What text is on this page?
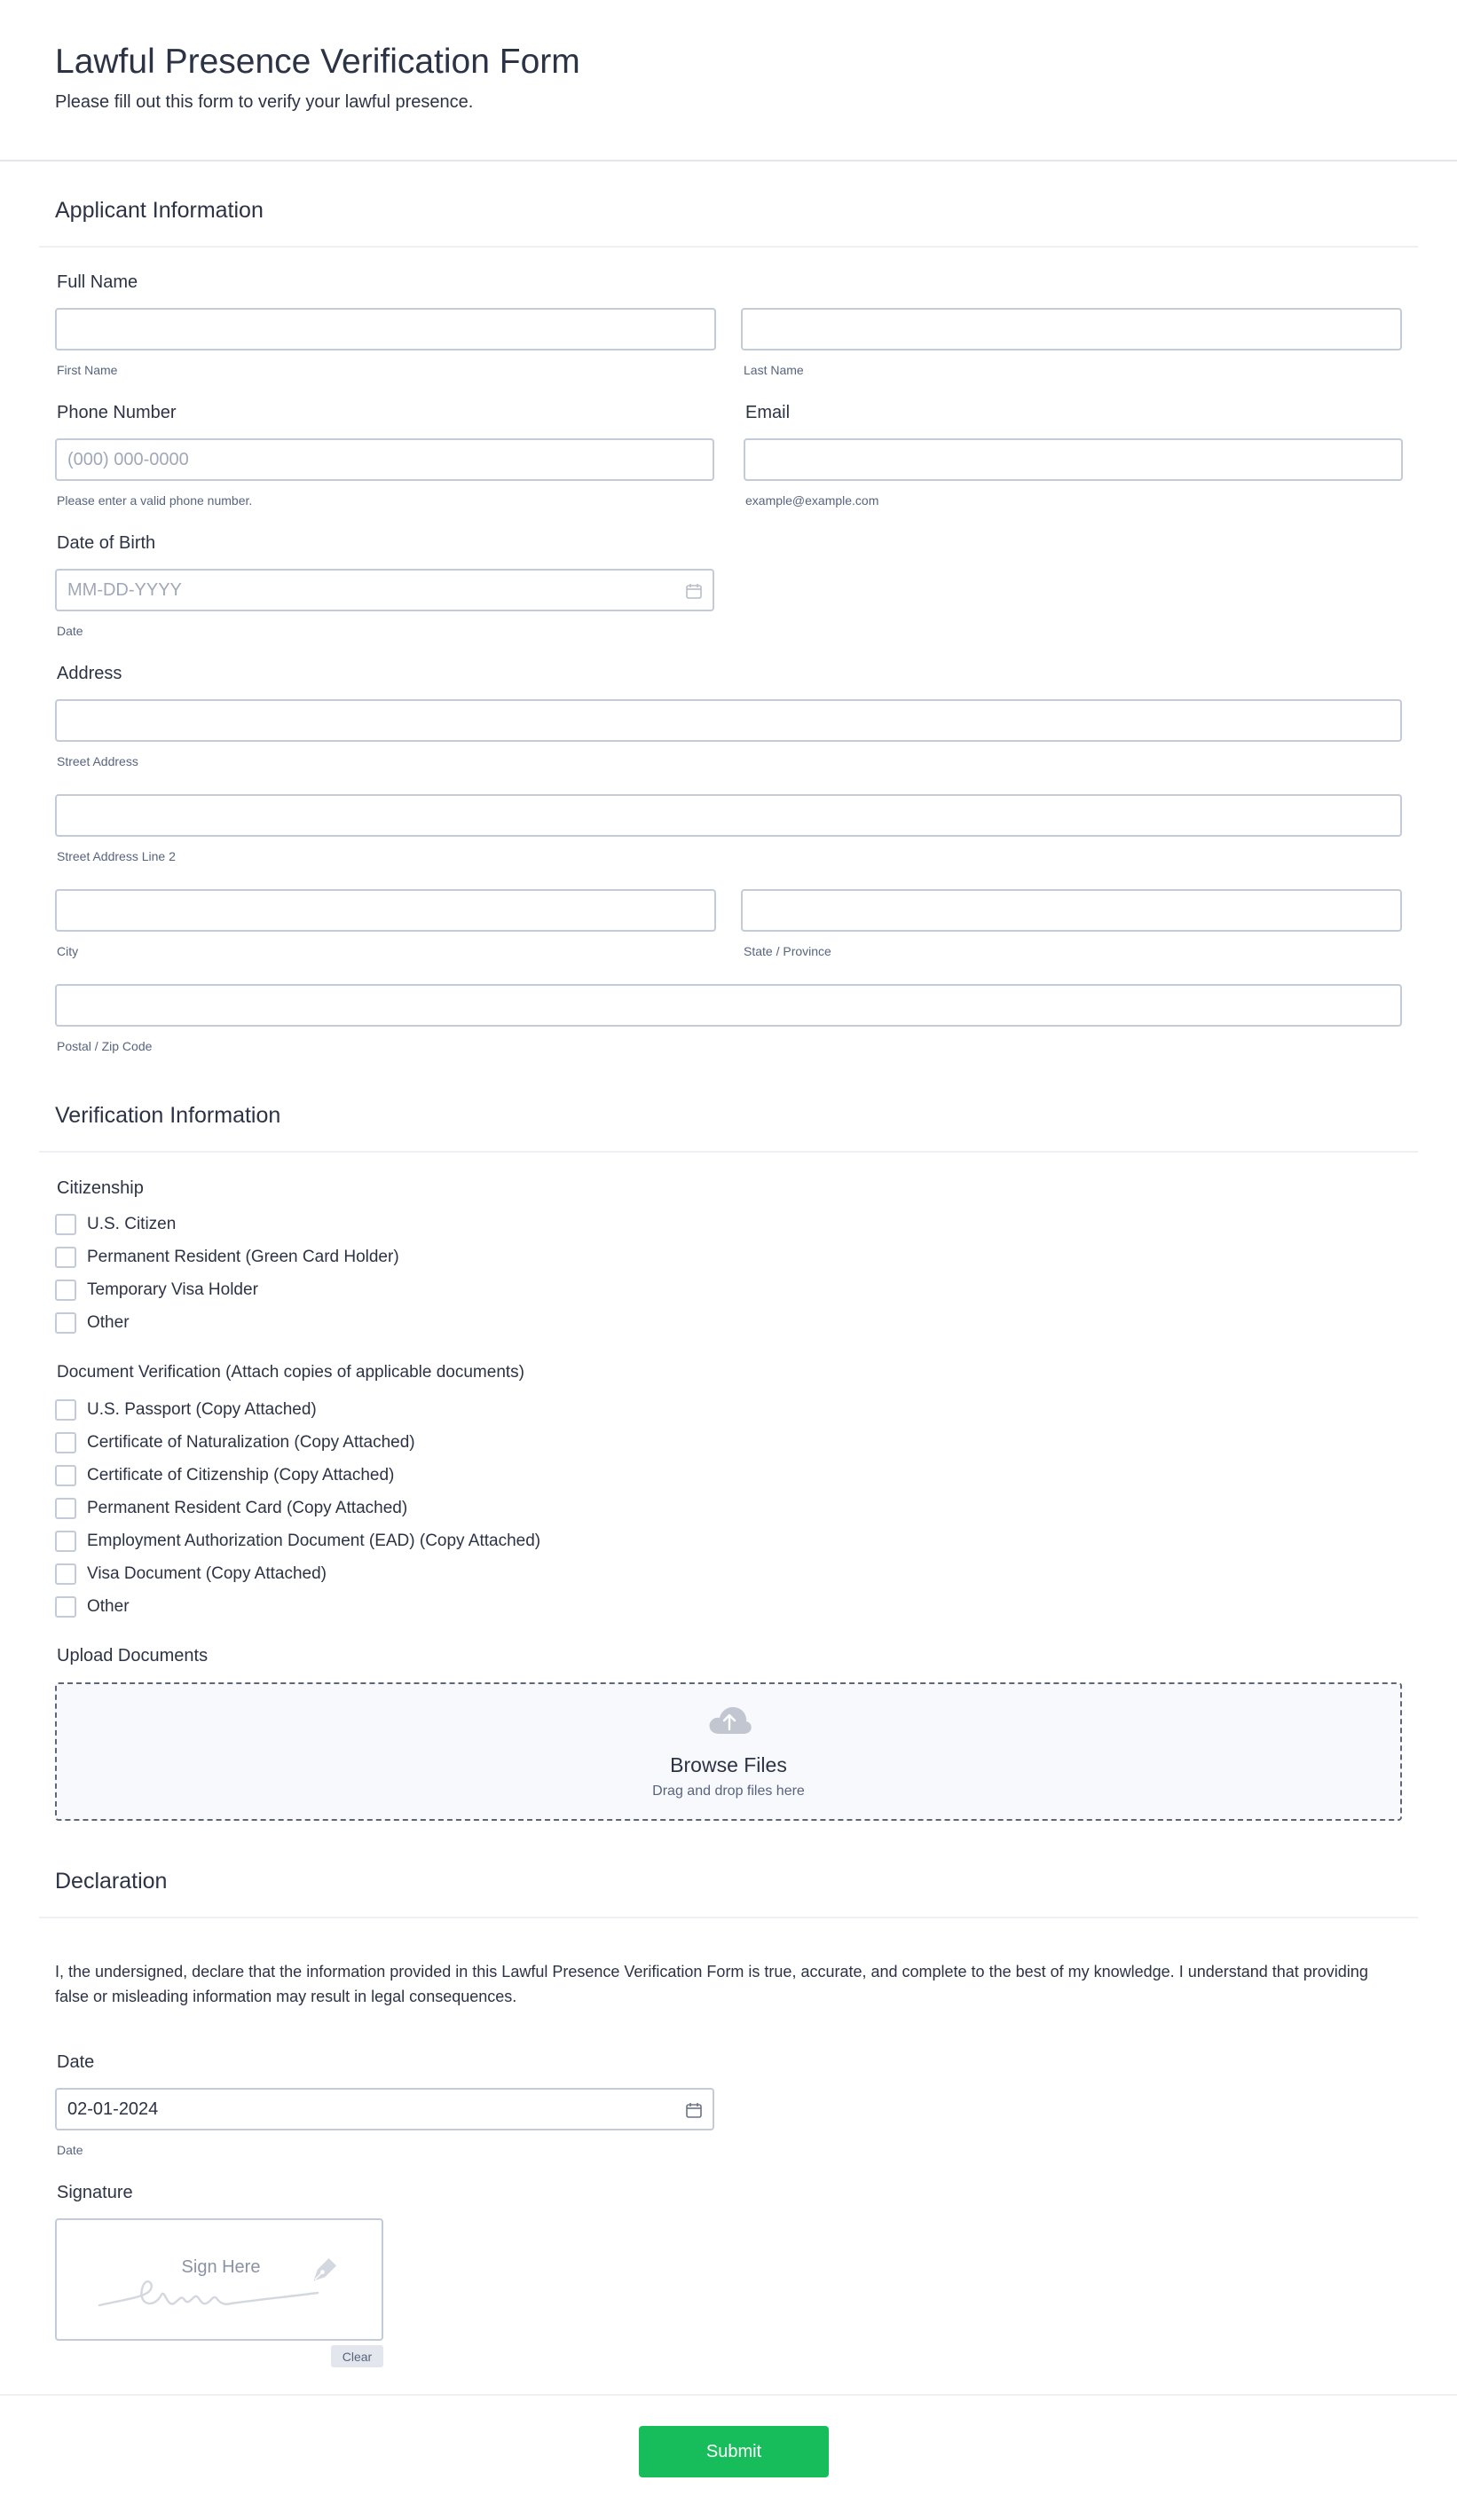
Lawful Presence Verification Form
Please fill out this form to verify your lawful presence.
Applicant Information
Full Name
First Name	Last Name
Phone Number
(000) 000-0000
Please enter a valid phone number.
Email
example@example.com
Date of Birth
MM-DD-YYYY
Date
Address
Street Address
Street Address Line 2
City	State / Province
Postal / Zip Code
Verification Information
Citizenship
U.S. Citizen
Permanent Resident (Green Card Holder)
Temporary Visa Holder
Other
Document Verification (Attach copies of applicable documents)
U.S. Passport (Copy Attached)
Certificate of Naturalization (Copy Attached)
Certificate of Citizenship (Copy Attached)
Permanent Resident Card (Copy Attached)
Employment Authorization Document (EAD) (Copy Attached)
Visa Document (Copy Attached)
Other
Upload Documents
Browse Files
Drag and drop files here
Declaration
I, the undersigned, declare that the information provided in this Lawful Presence Verification Form is true, accurate, and complete to the best of my knowledge. I understand that providing false or misleading information may result in legal consequences.
Date
02-01-2024
Date
Signature
Sign Here
Clear
Submit
